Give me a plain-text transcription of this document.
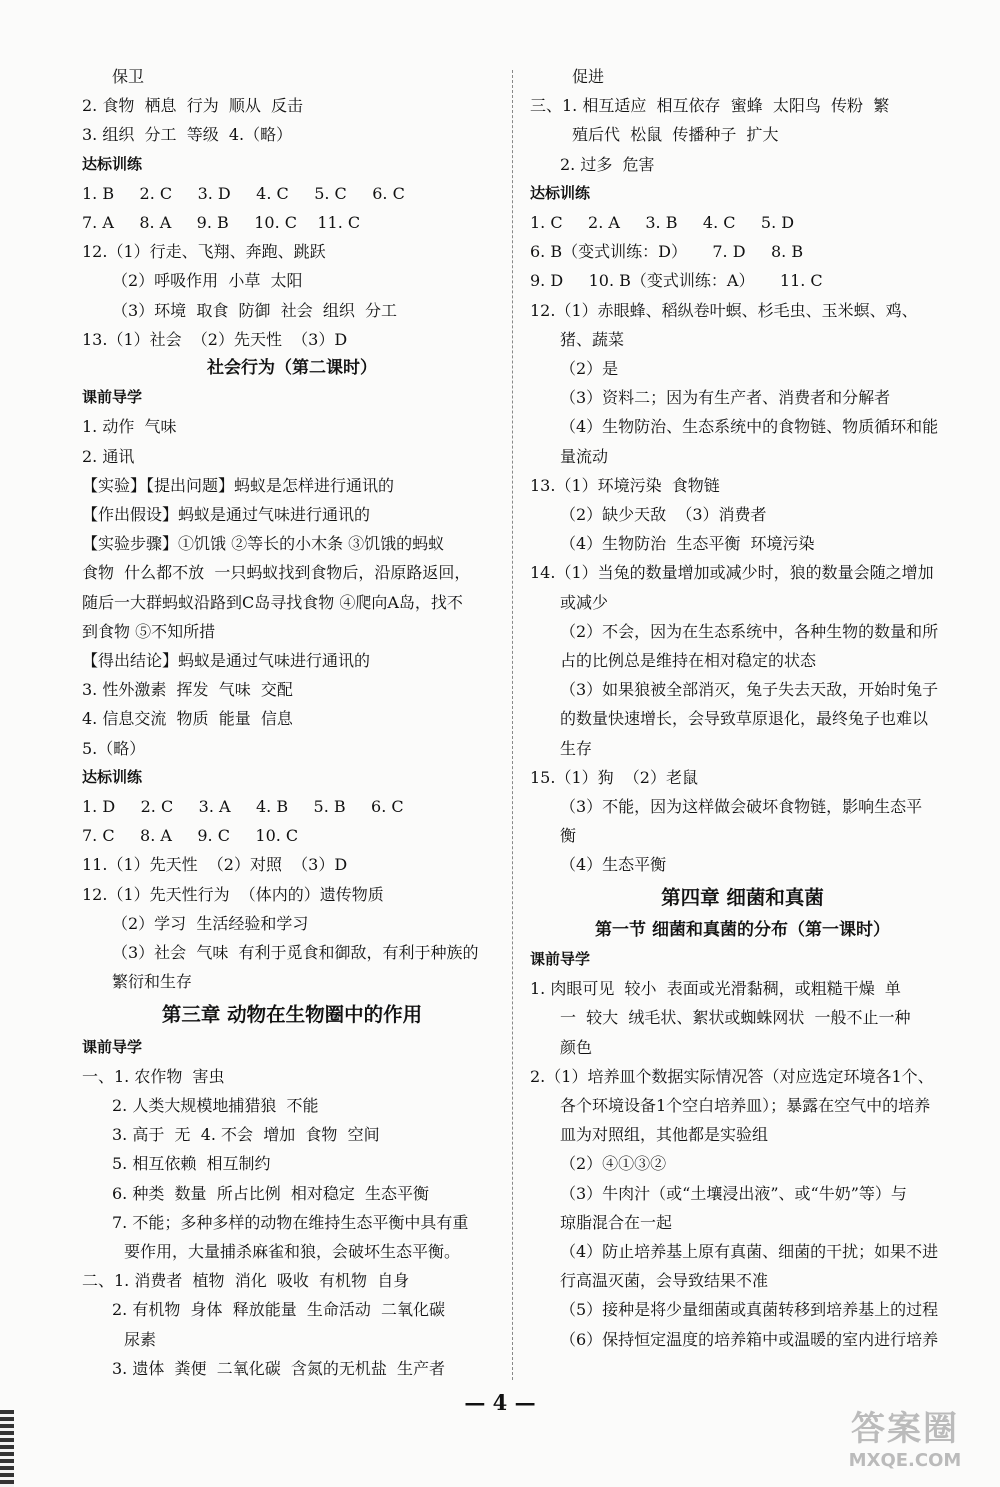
保卫
2. 食物  栖息  行为  顺从  反击
3. 组织  分工  等级  4.（略）
达标训练
1. B     2. C     3. D     4. C     5. C     6. C
7. A     8. A     9. B     10. C    11. C
12.（1）行走、飞翔、奔跑、跳跃
（2）呼吸作用  小草  太阳
（3）环境  取食  防御  社会  组织  分工
13.（1）社会  （2）先天性  （3）D
社会行为（第二课时）
课前导学
1. 动作  气味
2. 通讯
【实验】【提出问题】蚂蚁是怎样进行通讯的
【作出假设】蚂蚁是通过气味进行通讯的
【实验步骤】①饥饿 ②等长的小木条 ③饥饿的蚂蚁
食物  什么都不放  一只蚂蚁找到食物后，沿原路返回，
随后一大群蚂蚁沿路到C岛寻找食物 ④爬向A岛，找不
到食物 ⑤不知所措
【得出结论】蚂蚁是通过气味进行通讯的
3. 性外激素  挥发  气味  交配
4. 信息交流  物质  能量  信息
5.（略）
达标训练
1. D     2. C     3. A     4. B     5. B     6. C
7. C     8. A     9. C     10. C
11.（1）先天性  （2）对照  （3）D
12.（1）先天性行为  （体内的）遗传物质
（2）学习  生活经验和学习
（3）社会  气味  有利于觅食和御敌，有利于种族的
繁衍和生存
第三章 动物在生物圈中的作用
课前导学
一、1. 农作物  害虫
2. 人类大规模地捕猎狼  不能
3. 高于  无  4. 不会  增加  食物  空间
5. 相互依赖  相互制约
6. 种类  数量  所占比例  相对稳定  生态平衡
7. 不能；多种多样的动物在维持生态平衡中具有重
要作用，大量捕杀麻雀和狼，会破坏生态平衡。
二、1. 消费者  植物  消化  吸收  有机物  自身
2. 有机物  身体  释放能量  生命活动  二氧化碳
尿素
3. 遗体  粪便  二氧化碳  含氮的无机盐  生产者
促进
三、1. 相互适应  相互依存  蜜蜂  太阳鸟  传粉  繁
殖后代  松鼠  传播种子  扩大
2. 过多  危害
达标训练
1. C     2. A     3. B     4. C     5. D
6. B（变式训练：D）     7. D     8. B
9. D     10. B（变式训练：A）     11. C
12.（1）赤眼蜂、稻纵卷叶螟、杉毛虫、玉米螟、鸡、
猪、蔬菜
（2）是
（3）资料二；因为有生产者、消费者和分解者
（4）生物防治、生态系统中的食物链、物质循环和能
量流动
13.（1）环境污染  食物链
（2）缺少天敌  （3）消费者
（4）生物防治  生态平衡  环境污染
14.（1）当兔的数量增加或减少时，狼的数量会随之增加
或减少
（2）不会，因为在生态系统中，各种生物的数量和所
占的比例总是维持在相对稳定的状态
（3）如果狼被全部消灭，兔子失去天敌，开始时兔子
的数量快速增长，会导致草原退化，最终兔子也难以
生存
15.（1）狗  （2）老鼠
（3）不能，因为这样做会破坏食物链，影响生态平
衡
（4）生态平衡
第四章 细菌和真菌
第一节 细菌和真菌的分布（第一课时）
课前导学
1. 肉眼可见  较小  表面或光滑黏稠，或粗糙干燥  单
一  较大  绒毛状、絮状或蜘蛛网状  一般不止一种
颜色
2.（1）培养皿个数据实际情况答（对应选定环境各1个、
各个环境设备1个空白培养皿）；暴露在空气中的培养
皿为对照组，其他都是实验组
（2）④①③②
（3）牛肉汁（或“土壤浸出液”、或“牛奶”等）与
琼脂混合在一起
（4）防止培养基上原有真菌、细菌的干扰；如果不进
行高温灭菌，会导致结果不准
（5）接种是将少量细菌或真菌转移到培养基上的过程
（6）保持恒定温度的培养箱中或温暖的室内进行培养
— 4 —
答案圈
MXQE.COM
